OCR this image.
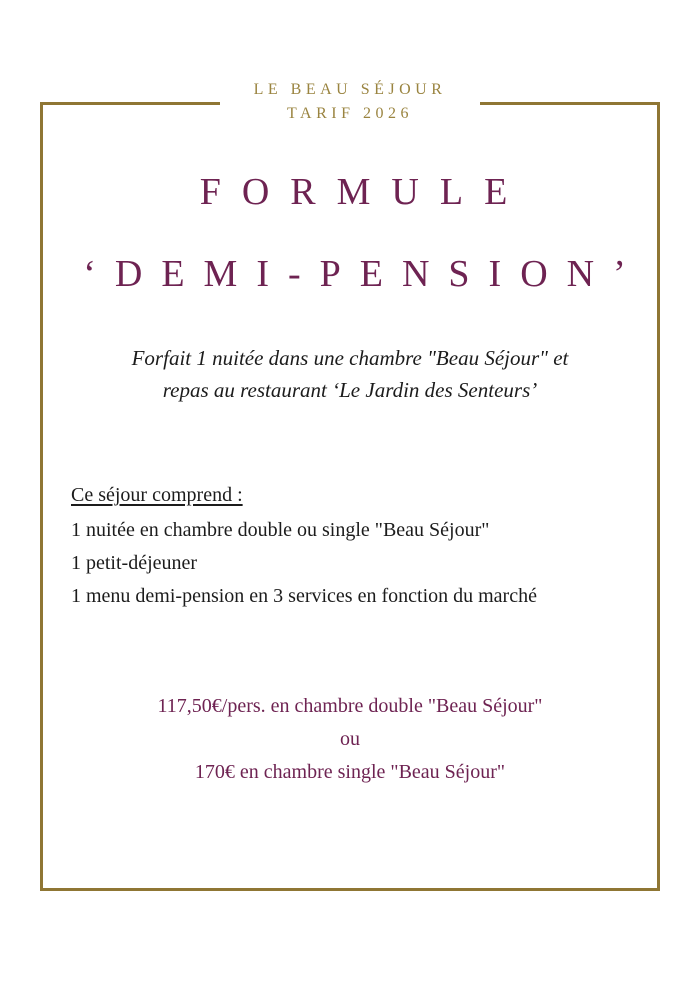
LE BEAU SÉJOUR
TARIF 2026
FORMULE
‘DEMI-PENSION’
Forfait 1 nuitée dans une chambre "Beau Séjour" et
repas au restaurant ‘Le Jardin des Senteurs’
Ce séjour comprend :
1 nuitée en chambre double ou single "Beau Séjour"
1 petit-déjeuner
1 menu demi-pension en 3 services en fonction du marché
117,50€/pers. en chambre double "Beau Séjour"
ou
170€ en chambre single "Beau Séjour"
